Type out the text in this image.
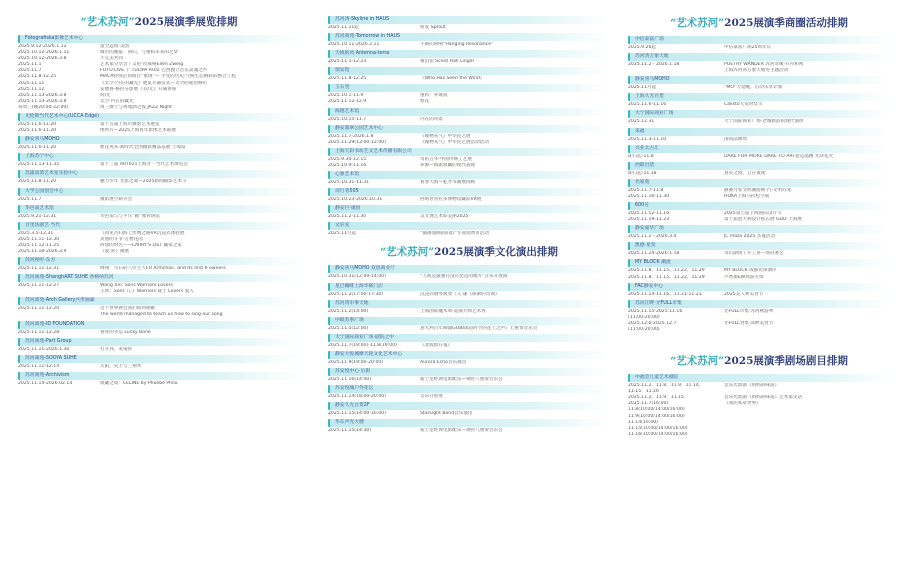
“艺术苏河”2025展演季展览排期
Fotografiska影像艺术中心
2025.9.12-2026.1.12	虚空远境·美国
2025.10.12-2026.1.11	城市的画报：回归，与重构未来的之梦
2025.10.12-2026.3.8	不完美共同
2025.11.1	艺术家分享会丨艾伦·茨威格Ellen Zweig
2025.11.7	FOTO LIVE 丨 TULIPA RUIZ 巴西独立音乐灵魂之声
2025.11.8-12.25	MACA特别企划项目“重现”— 手受的历史·气候生态倒转的整合工程
2025.11.11	《太空·内在的藏光》展览开幕仪式—太空的谜语嘻哈
2025.11.12	安德鲁·格拉芬影展《有/无》开幕讲座
2025.11.13-2026.3.8	荷/光
2025.11.13-2026.3.8	太空·内在的藏光
每周三(晚20:00-22:00)	周三爵士与鸡尾酒之夜 JAZZ Night
尤伦斯当代艺术中心(UCCA Edge)
2025.11.6-11.20	第十五届上海市摄影艺术展览
2025.11.6-11.20	像所方—2025上海青年影像艺术联展
静安喜马MOHO
2025.11.6-11.20	繁花死灰·新时代全国摄影精品巡展·上海站
上海苏宁中心
2025.11.13-11.35	第十三届 ART021上海廿一当代艺术博览会
苏浦南湾艺术室实验中心
2025.11.8-11.20	魅力少年 光影之间—2025新闻摄影艺术节
大学公园创会中心
2025.11.7	摄影展空研讨会
华邑南艺术馆
2025.9.21-12.31	华邑南与与平凡“画”像青铸馆
百里坊剧艺·当代
2025.3.5-12.31	《再见吾归海上丝绸之路VR沉浸式体验展
2025.11.11-12.30	灵感的斗争·万物花园
2025.11.12-11.25	回想的时光——LARRY'S LIST 藏家之家
2025.11.18-2026.3.9	《爱·求》画展
苏河视听·东方
2025.11.11-12.31	傅翔：乌石的八位主人FU Armchair, and its first 6 owners
苏河商苑-ShanghART SUHE 香格纳苏河
2025.11.11-12.27	Wang Xin: Sons Warriors Lovers
王欣：Sons 儿子 Warriors 战士 Lovers 爱人
苏河商苑-Arch Gallery共形画廊
2025.11.11-12.20	这个世界教会我们如何唱歌
The world managed to teach us how to sing our song
苏河商苑-ID FOUNDATION
2025.11.11-12.28	鲁骨的幸运 Lucky Bone
苏河商苑-Part Group
2025.11.11-2026.1.30	打开我，来染你
苏河商苑-SOOYA SUHE
2025.11.11-12.14	太阳，史上与三翔木
苏河商苑-Archivism
2025.11.14-2026.02.14	收藏之境：CÉLINE by Phoebe Philo
苏河湾-Skyline in HAUS
2025.11.11起	萌发 Sprout
苏河商苑-Tomorrow in HAUS
2025.10.11-2026.2.11	不期的回响“Hanging Resonance”
天线的风 Antenna-terra
2025.11.1-12.23	蜜泊馆 Scent Hall Linger
瑞安馆
2025.11.8-12.25	《Who Has Seen the Wind》
玉石堂
2025.10.1-11.9	重构：亦或成
2025.11.12-12.9	繁花
海德艺术馆
2025.10.15-11.7	内在的风景
静安翡翠公园艺术中心
2025.11.7-2026.1.8	《媒物灰气》中华民艺展
2025.11.29(13:00-12:00)	《媒物灰气》中华民艺展活动活动
上海天彩书坊艺文艺术传播有限公司
2025.9.30-12.15	驾的万华·中国传统工艺展
2025.10.9-11.16	养源—海派收藏的现代表现
心象艺术馆
2025.10.31-11.31	看春大海—乾齐书画展回顾
诗行者505
2025.10.23-2026.10.31	西班牙普拉多博物馆藏品VR展
静安巨·康恒
2025.11.2-11.30	吴文博艺术絵美丽2025
文轩室
2025.11月起	“插画漫画的阳韵”专项消费市活动
“艺术苏河”2025展演季文化演出排期
静安喜马MOHO 双创商业厅
2025.10.31(12:00-14:00)	“人或是最强在没有琵琶的地方”音乐开放演
星巴咖啡上海华联门店
2025.11.2(17:00-17:30)	沉浸式钢琴演奏《义·谦《探索的奇领》
苏河湾市事天地
2025.11.2(14:00)	上海国际魔术周·巡演大师艺术秀
中联苏事广场
2025.11.5(12:00)	意大利百年陶器GOBI闭超时空的花上之声》七重奏音乐会
大宁国际商业广场·剧院之中
2025.11.7(19:00)-11.8(19:00)	《北般群在鬼》
静安大悦城摩天轮文化艺术中心
2025.11.9(19:00-20:00)	Aurora Echo音乐演出
苏安悦中心·后街
2025.11.16(14:00)	迪士尼经典电影配乐—钢管八重奏音乐会
苏安悦城户外花坛
2025.11.14(18:00-20:00)	音乐开放度
静安久光百货2F
2025.11.15(14:00-16:00)	StarLight Bond音乐演出
华东声光大楼
2025.11.15(14:30)	迪士尼经典电影配乐—钢管八重奏音乐会
“艺术苏河”2025展演季商圈活动排期
中信泰富广场
2025.9.26起	中信泰富广场25周年庆
苏河湾万象天地
2025.11.2 - 2026.1.18	POETRY WANDER 苏河奇缘·方舟和鸣
上海苏河湾万象天地冬主题活动
静安喜马MOHO
2025.11月起	“MO”力觉醒，启动乐享计划
上海久光百货
2025.11.6-11.16	Calisto大赏时装节
大宁国际商业广场
2025.12.31	大宁国际商业广场·老城新韵的现代演绎
来福
2025.11.3-11.10	国风品牌周
兴业太古汇
即日起-11.8	DARE FOR MORE DARE TO ART爱运晶精 光环花火
西联百货
即日起-11.18	真实之境，自在童现
名家苑
2025.11.7-11.8	静赛月家文明潮游焕·汽·文明苏宠
2025.11.16-11.30	HOKA上海马拉松空间
600号
2025.11.12-11.16	2025第七届上海国际设计节
2025.11.19-11.23	第十届意大利设计标志展 GDD 上海展
静安嘉华广场
2025.11.2 - 2026.3.4	JC Plaza 2025 圣诞活动
凯德·星贸
2025.11.24-2026.1.18	奇幻剧场丨开工喜—场轻奢艺
MY BLOCK 潮流
2025.11.8、11.15、11.22、11.29	MY BLOCK 成都先锋酒序
2025.11.8、11.15、11.22、11.29	芦香街EW周游专场
FAC静安中心
2025.11.14-11.16、11.21-11.23	2025美人利美食节
苏河江畔·光FULL市集
2025.11.15-2025.11.16	光FULL市集·苏河秋游季
(11:00-20:00)
2025.12.6-2025.12.7	光FULL食集·滨畔美食节
(11:00-20:00)
“艺术苏河”2025展演季剧场剧目排期
中福会儿童艺术剧院
2025.11.2、11.8、11.9、11.14、	音乐光影剧《妈妈的味道》
11.15、11.16
2025.11.2、11.9、11.15	音乐光影剧《妈妈的味道》艺术家见话
2025.11.7(16:00)	《我的本章世界》
11.8(10:00/14:00/16:00)
11.9(10:00/14:00/16:00)
11.14(16:00)
11.15(10:00/14:00/16:00)
11.16(10:00/14:00/16:00)
